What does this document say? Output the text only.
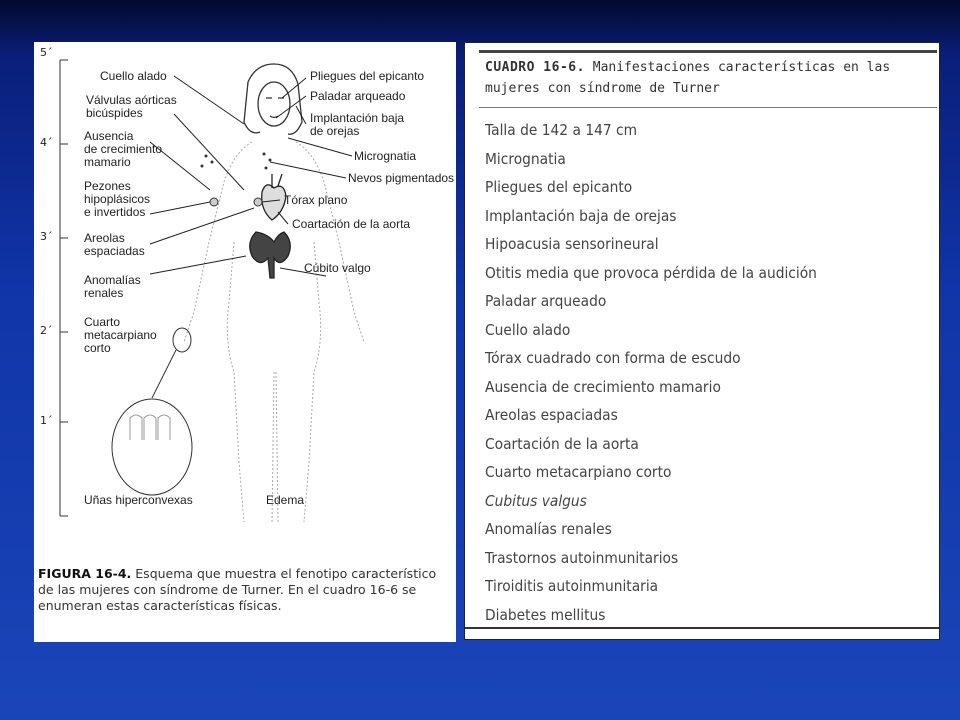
5´
4´
3´
2´
1´
Cuello alado
Válvulas aórticas
bicúspides
Ausencia
de crecimiento
mamario
Pezones
hipoplásicos
e invertidos
Areolas
espaciadas
Anomalías
renales
Cuarto
metacarpiano
corto
Uñas hiperconvexas
Pliegues del epicanto
Paladar arqueado
Implantación baja
de orejas
Micrognatia
Nevos pigmentados
Tórax plano
Coartación de la aorta
Cúbito valgo
Edema
FIGURA 16-4. Esquema que muestra el fenotipo característico de las mujeres con síndrome de Turner. En el cuadro 16-6 se enumeran estas características físicas.
CUADRO 16-6. Manifestaciones características en las mujeres con síndrome de Turner
Talla de 142 a 147 cm
Micrognatia
Pliegues del epicanto
Implantación baja de orejas
Hipoacusia sensorineural
Otitis media que provoca pérdida de la audición
Paladar arqueado
Cuello alado
Tórax cuadrado con forma de escudo
Ausencia de crecimiento mamario
Areolas espaciadas
Coartación de la aorta
Cuarto metacarpiano corto
Cubitus valgus
Anomalías renales
Trastornos autoinmunitarios
Tiroiditis autoinmunitaria
Diabetes mellitus
